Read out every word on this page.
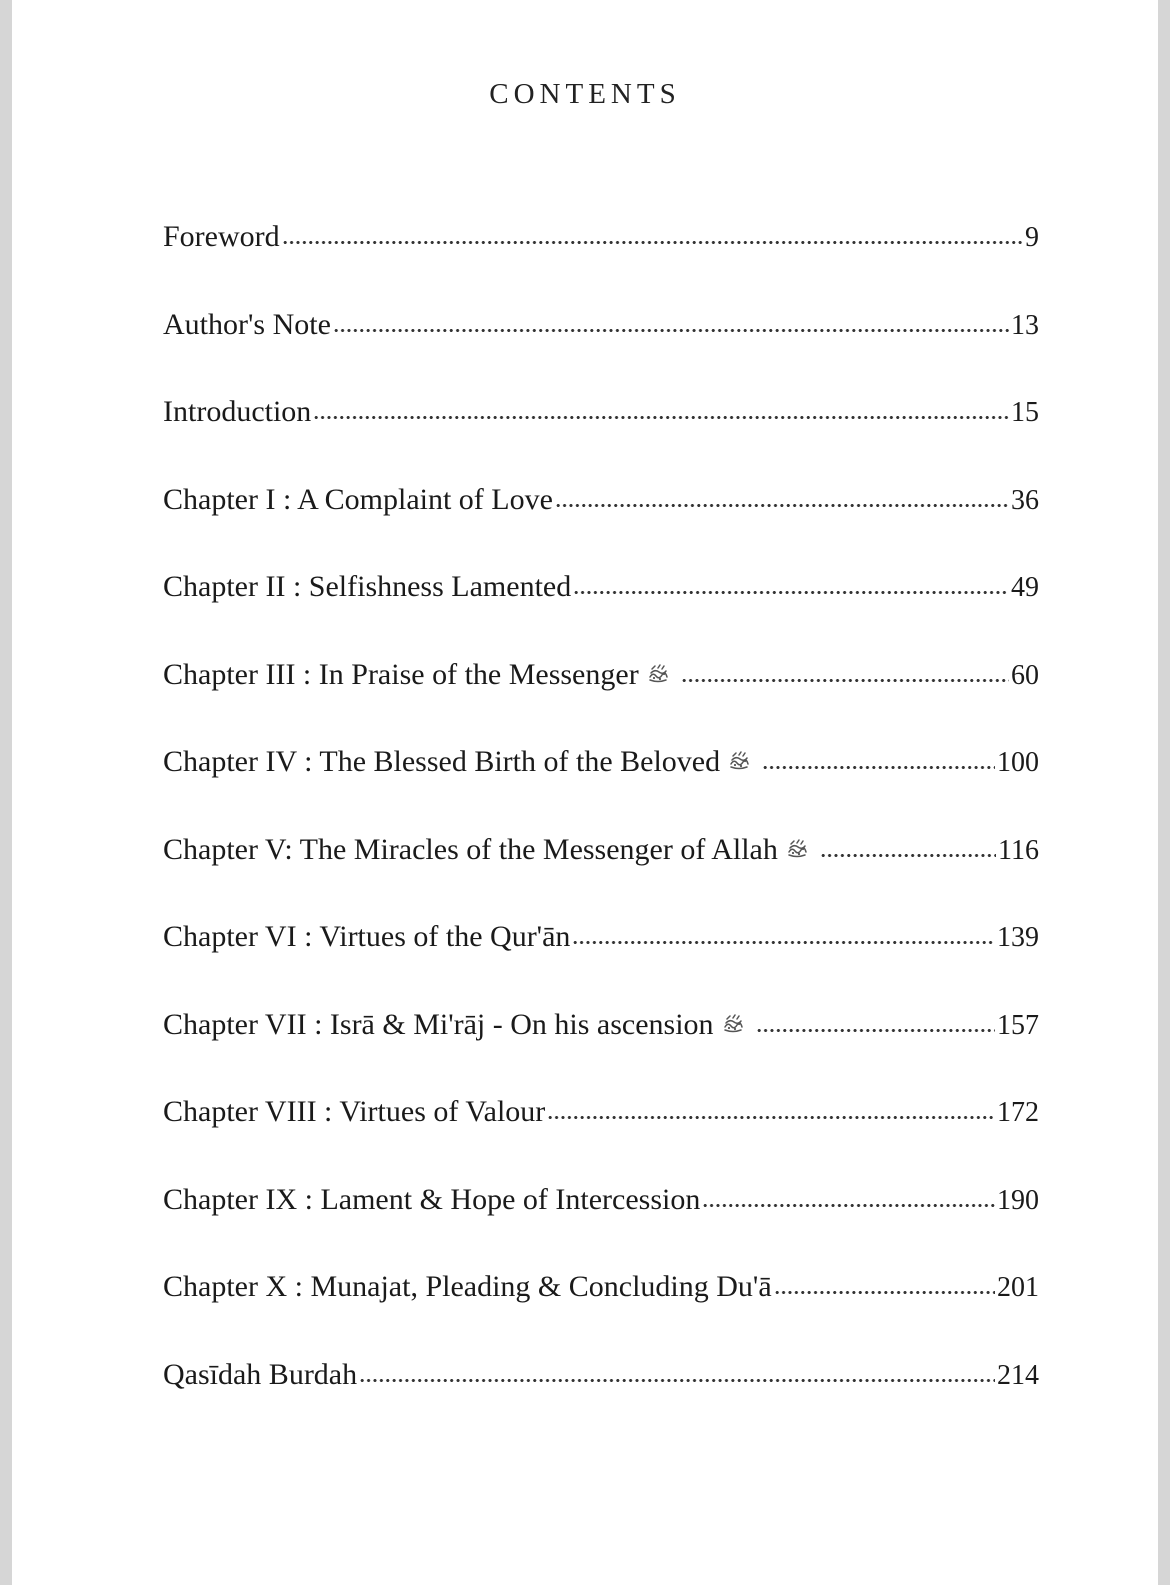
CONTENTS
Foreword	9
Author's Note	13
Introduction	15
Chapter I : A Complaint of Love	36
Chapter II : Selfishness Lamented	49
Chapter III : In Praise of the Messenger	60
Chapter IV : The Blessed Birth of the Beloved	100
Chapter V: The Miracles of the Messenger of Allah	116
Chapter VI : Virtues of the Qur'ān	139
Chapter VII : Isrā & Mi'rāj - On his ascension	157
Chapter VIII : Virtues of Valour	172
Chapter IX : Lament & Hope of Intercession	190
Chapter X : Munajat, Pleading & Concluding Du'ā	201
Qasīdah Burdah	214
